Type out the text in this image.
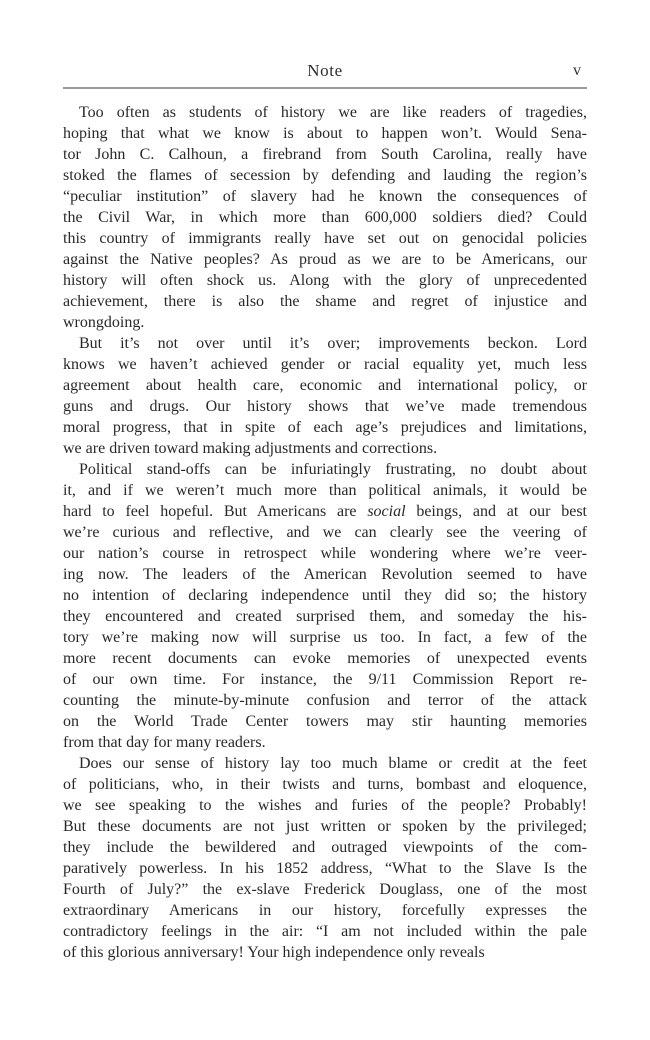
Note	v
Too often as students of history we are like readers of tragedies,
hoping that what we know is about to happen won’t. Would Sena-
tor John C. Calhoun, a firebrand from South Carolina, really have
stoked the flames of secession by defending and lauding the region’s
“peculiar institution” of slavery had he known the consequences of
the Civil War, in which more than 600,000 soldiers died? Could
this country of immigrants really have set out on genocidal policies
against the Native peoples? As proud as we are to be Americans, our
history will often shock us. Along with the glory of unprecedented
achievement, there is also the shame and regret of injustice and
wrongdoing.
But it’s not over until it’s over; improvements beckon. Lord
knows we haven’t achieved gender or racial equality yet, much less
agreement about health care, economic and international policy, or
guns and drugs. Our history shows that we’ve made tremendous
moral progress, that in spite of each age’s prejudices and limitations,
we are driven toward making adjustments and corrections.
Political stand-offs can be infuriatingly frustrating, no doubt about
it, and if we weren’t much more than political animals, it would be
hard to feel hopeful. But Americans are social beings, and at our best
we’re curious and reflective, and we can clearly see the veering of
our nation’s course in retrospect while wondering where we’re veer-
ing now. The leaders of the American Revolution seemed to have
no intention of declaring independence until they did so; the history
they encountered and created surprised them, and someday the his-
tory we’re making now will surprise us too. In fact, a few of the
more recent documents can evoke memories of unexpected events
of our own time. For instance, the 9/11 Commission Report re-
counting the minute-by-minute confusion and terror of the attack
on the World Trade Center towers may stir haunting memories
from that day for many readers.
Does our sense of history lay too much blame or credit at the feet
of politicians, who, in their twists and turns, bombast and eloquence,
we see speaking to the wishes and furies of the people? Probably!
But these documents are not just written or spoken by the privileged;
they include the bewildered and outraged viewpoints of the com-
paratively powerless. In his 1852 address, “What to the Slave Is the
Fourth of July?” the ex-slave Frederick Douglass, one of the most
extraordinary Americans in our history, forcefully expresses the
contradictory feelings in the air: “I am not included within the pale
of this glorious anniversary! Your high independence only reveals
